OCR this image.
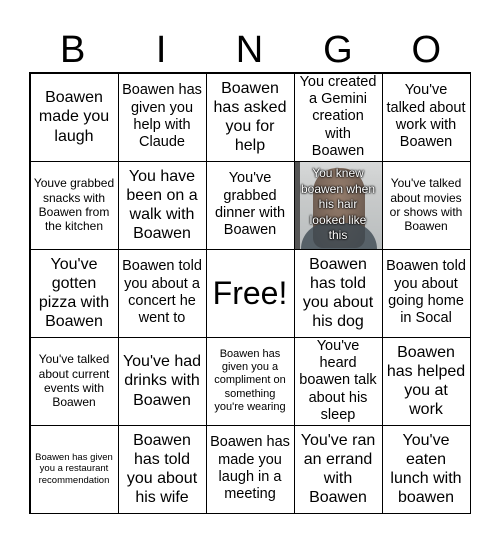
B	I	N	G	O
Boawen made you laugh
Boawen has given you help with Claude
Boawen has asked you for help
You created a Gemini creation with Boawen
You've talked about work with Boawen
Youve grabbed snacks with Boawen from the kitchen
You have been on a walk with Boawen
You've grabbed dinner with Boawen
You knew boawen when his hair looked like this
You've talked about movies or shows with Boawen
You've gotten pizza with Boawen
Boawen told you about a concert he went to
Free!
Boawen has told you about his dog
Boawen told you about going home in Socal
You've talked about current events with Boawen
You've had drinks with Boawen
Boawen has given you a compliment on something you're wearing
You've heard boawen talk about his sleep
Boawen has helped you at work
Boawen has given you a restaurant recommendation
Boawen has told you about his wife
Boawen has made you laugh in a meeting
You've ran an errand with Boawen
You've eaten lunch with boawen
